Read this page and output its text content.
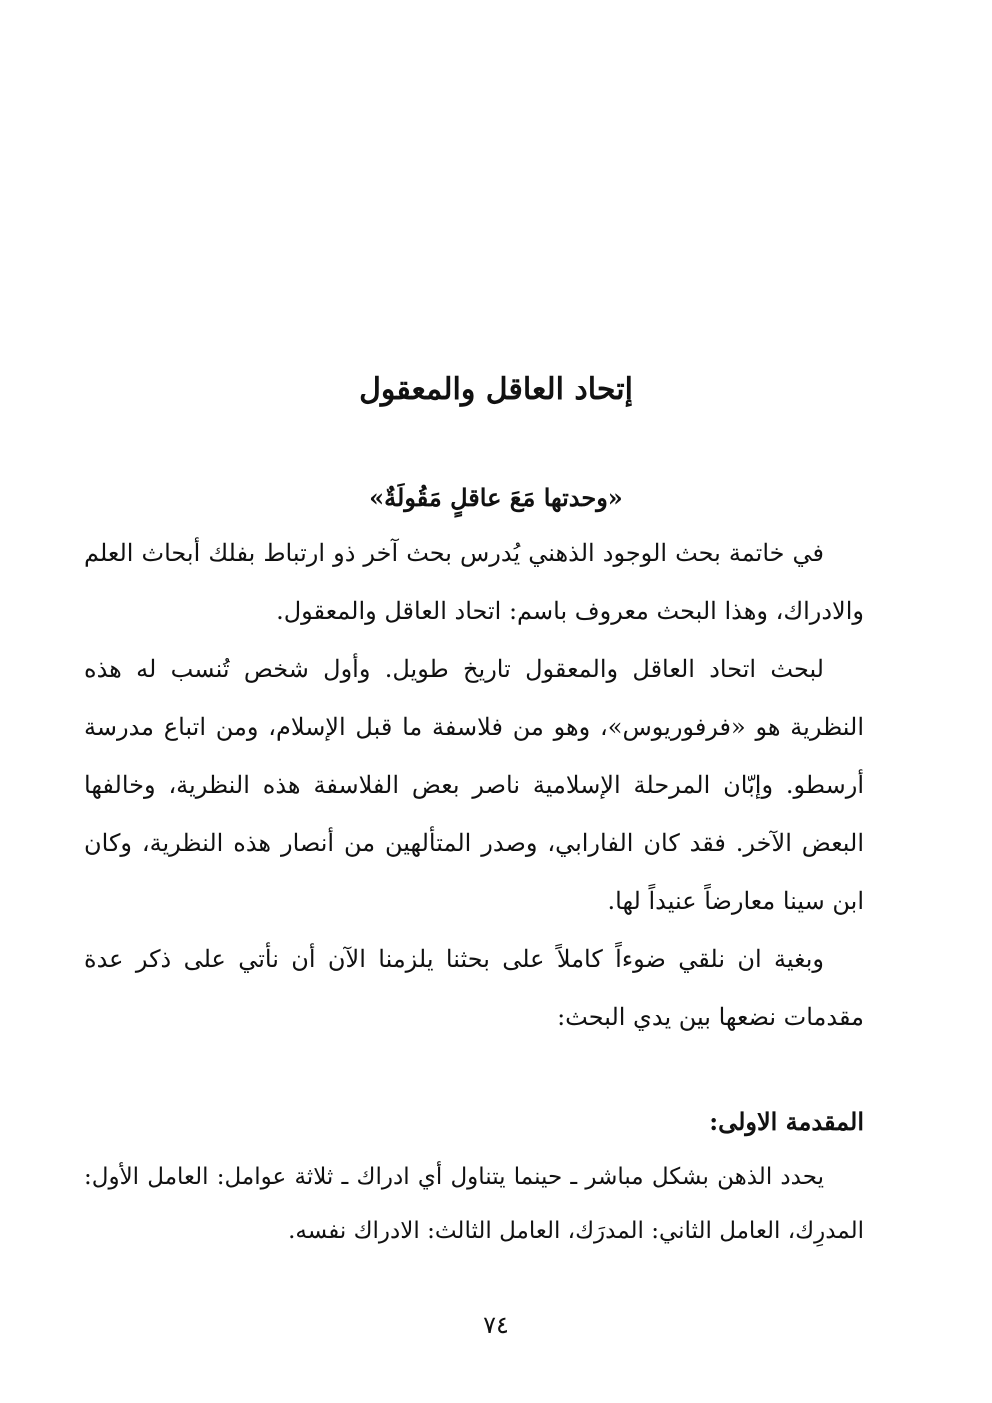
إتحاد العاقل والمعقول
«وحدتها مَعَ عاقلٍ مَقُولَةٌ»

في خاتمة بحث الوجود الذهني يُدرس بحث آخر ذو ارتباط بفلك أبحاث العلم والادراك، وهذا البحث معروف باسم: اتحاد العاقل والمعقول.

لبحث اتحاد العاقل والمعقول تاريخ طويل. وأول شخص تُنسب له هذه النظرية هو «فرفوريوس»، وهو من فلاسفة ما قبل الإسلام، ومن اتباع مدرسة أرسطو. وإبّان المرحلة الإسلامية ناصر بعض الفلاسفة هذه النظرية، وخالفها البعض الآخر. فقد كان الفارابي، وصدر المتألهين من أنصار هذه النظرية، وكان ابن سينا معارضاً عنيداً لها.

وبغية ان نلقي ضوءاً كاملاً على بحثنا يلزمنا الآن أن نأتي على ذكر عدة مقدمات نضعها بين يدي البحث:

المقدمة الاولى:

يحدد الذهن بشكل مباشر ـ حينما يتناول أي ادراك ـ ثلاثة عوامل: العامل الأول: المدرِك، العامل الثاني: المدرَك، العامل الثالث: الادراك نفسه.

٧٤
